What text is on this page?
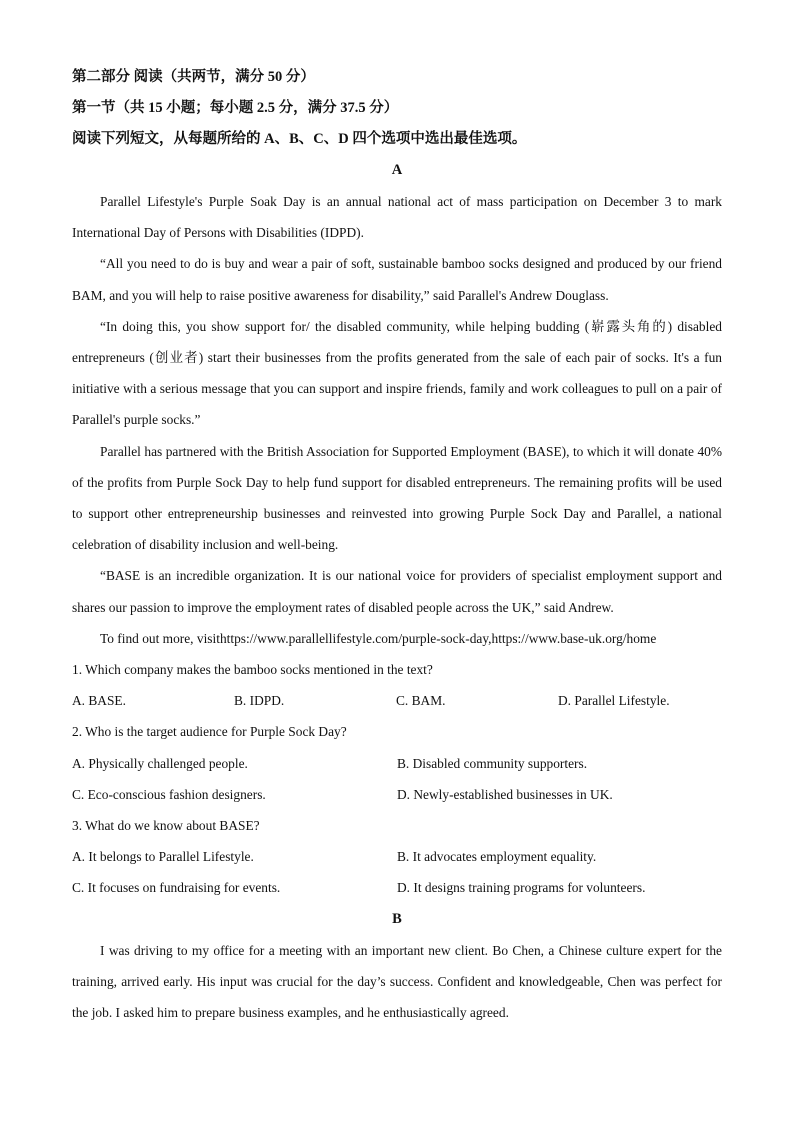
第二部分 阅读（共两节，满分 50 分）
第一节（共 15 小题；每小题 2.5 分，满分 37.5 分）
阅读下列短文，从每题所给的 A、B、C、D 四个选项中选出最佳选项。
A

Parallel Lifestyle's Purple Soak Day is an annual national act of mass participation on December 3 to mark International Day of Persons with Disabilities (IDPD).

“All you need to do is buy and wear a pair of soft, sustainable bamboo socks designed and produced by our friend BAM, and you will help to raise positive awareness for disability,” said Parallel's Andrew Douglass.

“In doing this, you show support for/ the disabled community, while helping budding (崭露头角的) disabled entrepreneurs (创业者) start their businesses from the profits generated from the sale of each pair of socks. It's a fun initiative with a serious message that you can support and inspire friends, family and work colleagues to pull on a pair of Parallel's purple socks.”

Parallel has partnered with the British Association for Supported Employment (BASE), to which it will donate 40% of the profits from Purple Sock Day to help fund support for disabled entrepreneurs. The remaining profits will be used to support other entrepreneurship businesses and reinvested into growing Purple Sock Day and Parallel, a national celebration of disability inclusion and well-being.

“BASE is an incredible organization. It is our national voice for providers of specialist employment support and shares our passion to improve the employment rates of disabled people across the UK,” said Andrew.

To find out more, visithttps://www.parallellifestyle.com/purple-sock-day,https://www.base-uk.org/home

1. Which company makes the bamboo socks mentioned in the text?

A. BASE.	B. IDPD.	C. BAM.	D. Parallel Lifestyle.

2. Who is the target audience for Purple Sock Day?

A. Physically challenged people.	B. Disabled community supporters.
C. Eco-conscious fashion designers.	D. Newly-established businesses in UK.

3. What do we know about BASE?

A. It belongs to Parallel Lifestyle.	B. It advocates employment equality.
C. It focuses on fundraising for events.	D. It designs training programs for volunteers.
B

I was driving to my office for a meeting with an important new client. Bo Chen, a Chinese culture expert for the training, arrived early. His input was crucial for the day’s success. Confident and knowledgeable, Chen was perfect for the job. I asked him to prepare business examples, and he enthusiastically agreed.
